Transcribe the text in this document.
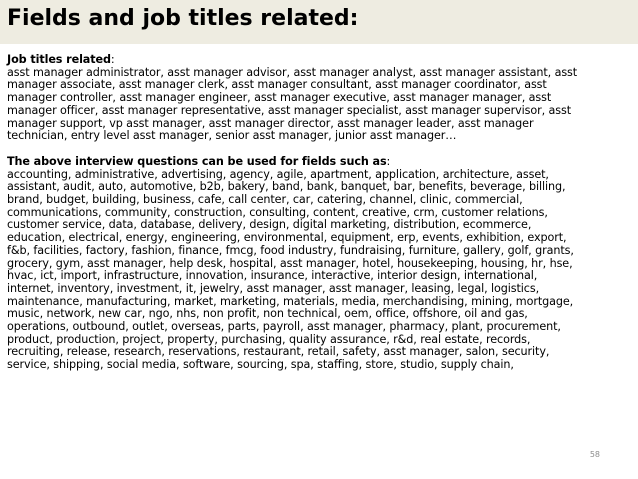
Fields and job titles related:

Job titles related:

asst manager administrator, asst manager advisor, asst manager analyst, asst manager assistant, asst

manager associate, asst manager clerk, asst manager consultant, asst manager coordinator, asst

manager controller, asst manager engineer, asst manager executive, asst manager manager, asst

manager officer, asst manager representative, asst manager specialist, asst manager supervisor, asst

manager support, vp asst manager, asst manager director, asst manager leader, asst manager

technician, entry level asst manager, senior asst manager, junior asst manager…

The above interview questions can be used for fields such as:

accounting, administrative, advertising, agency, agile, apartment, application, architecture, asset,

assistant, audit, auto, automotive, b2b, bakery, band, bank, banquet, bar, benefits, beverage, billing,

brand, budget, building, business, cafe, call center, car, catering, channel, clinic, commercial,

communications, community, construction, consulting, content, creative, crm, customer relations,

customer service, data, database, delivery, design, digital marketing, distribution, ecommerce,

education, electrical, energy, engineering, environmental, equipment, erp, events, exhibition, export,

f&b, facilities, factory, fashion, finance, fmcg, food industry, fundraising, furniture, gallery, golf, grants,

grocery, gym, asst manager, help desk, hospital, asst manager, hotel, housekeeping, housing, hr, hse,

hvac, ict, import, infrastructure, innovation, insurance, interactive, interior design, international,

internet, inventory, investment, it, jewelry, asst manager, asst manager, leasing, legal, logistics,

maintenance, manufacturing, market, marketing, materials, media, merchandising, mining, mortgage,

music, network, new car, ngo, nhs, non profit, non technical, oem, office, offshore, oil and gas,

operations, outbound, outlet, overseas, parts, payroll, asst manager, pharmacy, plant, procurement,

product, production, project, property, purchasing, quality assurance, r&d, real estate, records,

recruiting, release, research, reservations, restaurant, retail, safety, asst manager, salon, security,

service, shipping, social media, software, sourcing, spa, staffing, store, studio, supply chain,

58
